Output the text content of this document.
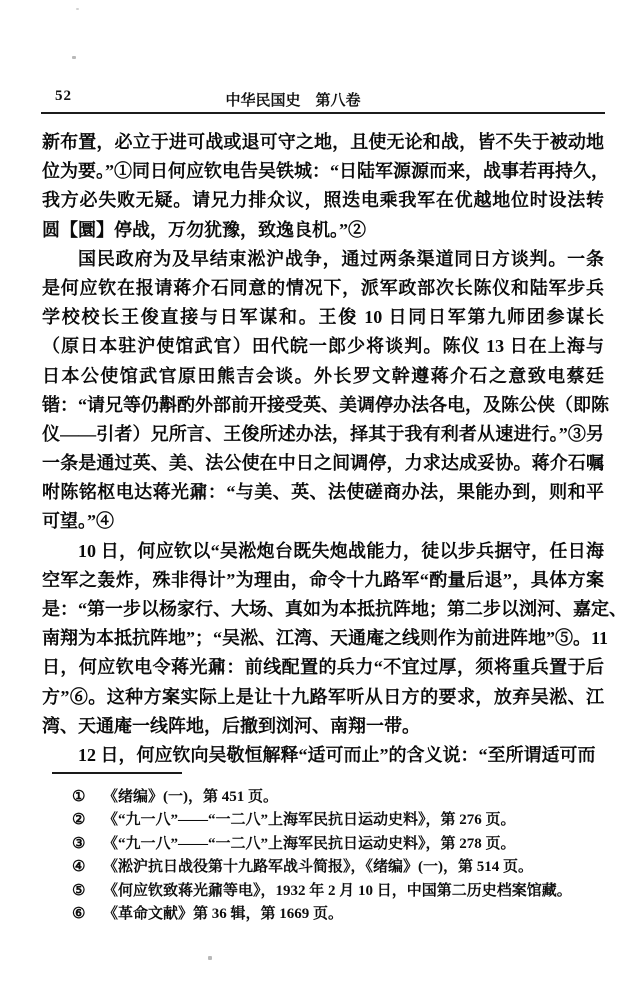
52	中华民国史　第八卷
新布置，必立于进可战或退可守之地，且使无论和战，皆不失于被动地
位为要。”①同日何应钦电告吴铁城：“日陆军源源而来，战事若再持久，
我方必失败无疑。请兄力排众议，照迭电乘我军在优越地位时设法转
圆【圜】停战，万勿犹豫，致逸良机。”②
国民政府为及早结束淞沪战争，通过两条渠道同日方谈判。一条
是何应钦在报请蒋介石同意的情况下，派军政部次长陈仪和陆军步兵
学校校长王俊直接与日军谋和。王俊 10 日同日军第九师团参谋长
（原日本驻沪使馆武官）田代皖一郎少将谈判。陈仪 13 日在上海与
日本公使馆武官原田熊吉会谈。外长罗文幹遵蒋介石之意致电蔡廷
锴：“请兄等仍斠酌外部前开接受英、美调停办法各电，及陈公侠（即陈
仪——引者）兄所言、王俊所述办法，择其于我有利者从速进行。”③另
一条是通过英、美、法公使在中日之间调停，力求达成妥协。蒋介石嘱
咐陈铭枢电达蒋光鼐：“与美、英、法使磋商办法，果能办到，则和平
可望。”④
10 日，何应钦以“吴淞炮台既失炮战能力，徒以步兵据守，任日海
空军之轰炸，殊非得计”为理由，命令十九路军“酌量后退”，具体方案
是：“第一步以杨家行、大场、真如为本抵抗阵地；第二步以浏河、嘉定、
南翔为本抵抗阵地”；“吴淞、江湾、天通庵之线则作为前进阵地”⑤。11
日，何应钦电令蒋光鼐：前线配置的兵力“不宜过厚，须将重兵置于后
方”⑥。这种方案实际上是让十九路军听从日方的要求，放弃吴淞、江
湾、天通庵一线阵地，后撤到浏河、南翔一带。
12 日，何应钦向吴敬恒解释“适可而止”的含义说：“至所谓适可而
①	《绪编》(一)，第 451 页。
②	《“九一八”——“一二八”上海军民抗日运动史料》，第 276 页。
③	《“九一八”——“一二八”上海军民抗日运动史料》，第 278 页。
④	《淞沪抗日战役第十九路军战斗简报》，《绪编》(一)，第 514 页。
⑤	《何应钦致蒋光鼐等电》，1932 年 2 月 10 日，中国第二历史档案馆藏。
⑥	《革命文献》第 36 辑，第 1669 页。
